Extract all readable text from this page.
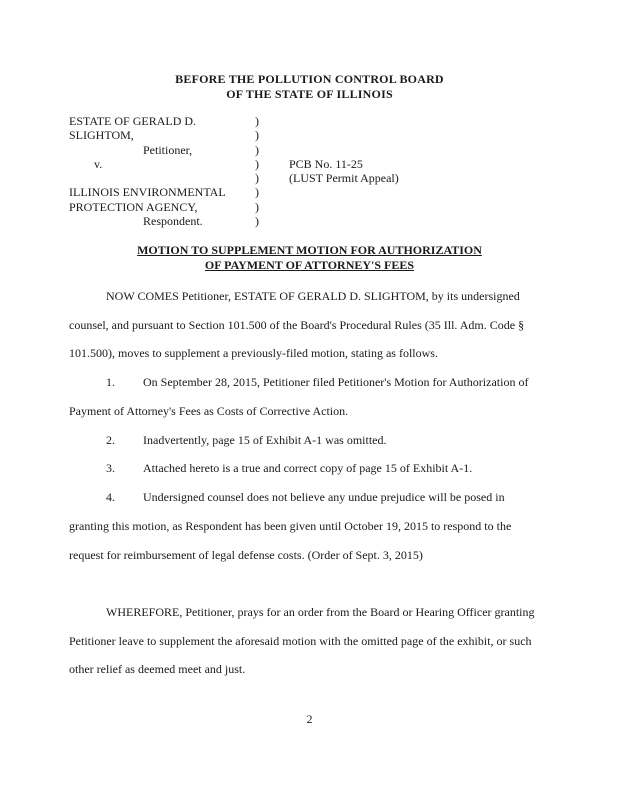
BEFORE THE POLLUTION CONTROL BOARD
OF THE STATE OF ILLINOIS
ESTATE OF GERALD D.
SLIGHTOM,
Petitioner,
v.
ILLINOIS ENVIRONMENTAL
PROTECTION AGENCY,
Respondent.
)
)
)
)
)
)
)
)
PCB No. 11-25
(LUST Permit Appeal)
MOTION TO SUPPLEMENT MOTION FOR AUTHORIZATION
OF PAYMENT OF ATTORNEY'S FEES
NOW COMES Petitioner, ESTATE OF GERALD D. SLIGHTOM, by its undersigned
counsel, and pursuant to Section 101.500 of the Board's Procedural Rules (35 Ill. Adm. Code §
101.500), moves to supplement a previously-filed motion, stating as follows.
1. On September 28, 2015, Petitioner filed Petitioner's Motion for Authorization of
Payment of Attorney's Fees as Costs of Corrective Action.
2. Inadvertently, page 15 of Exhibit A-1 was omitted.
3. Attached hereto is a true and correct copy of page 15 of Exhibit A-1.
4. Undersigned counsel does not believe any undue prejudice will be posed in
granting this motion, as Respondent has been given until October 19, 2015 to respond to the
request for reimbursement of legal defense costs. (Order of Sept. 3, 2015)
WHEREFORE, Petitioner, prays for an order from the Board or Hearing Officer granting
Petitioner leave to supplement the aforesaid motion with the omitted page of the exhibit, or such
other relief as deemed meet and just.
2
